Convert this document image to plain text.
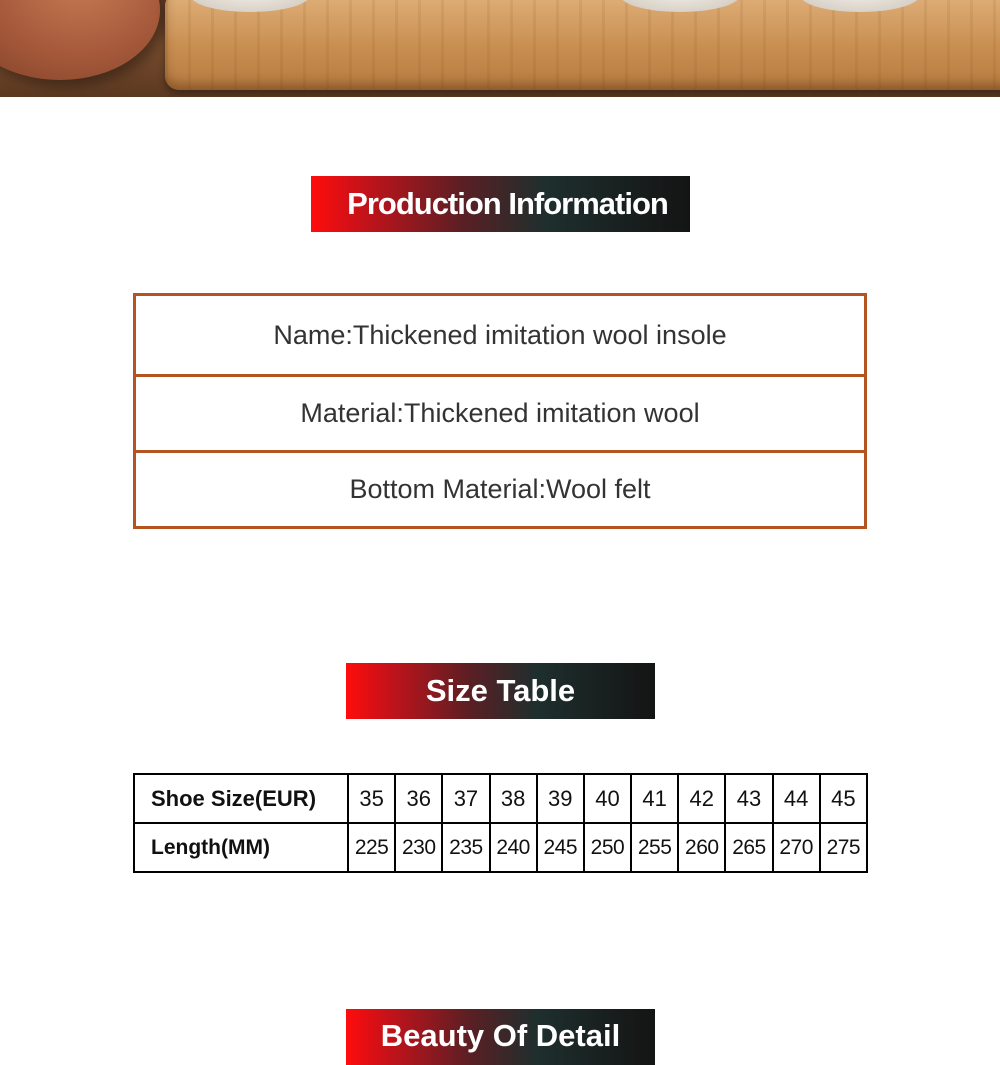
Production Information
Name:Thickened imitation wool insole
Material:Thickened imitation wool
Bottom Material:Wool felt
Size Table
Shoe Size(EUR)	35	36	37	38	39	40	41	42	43	44	45
Length(MM)	225	230	235	240	245	250	255	260	265	270	275
Beauty Of Detail
